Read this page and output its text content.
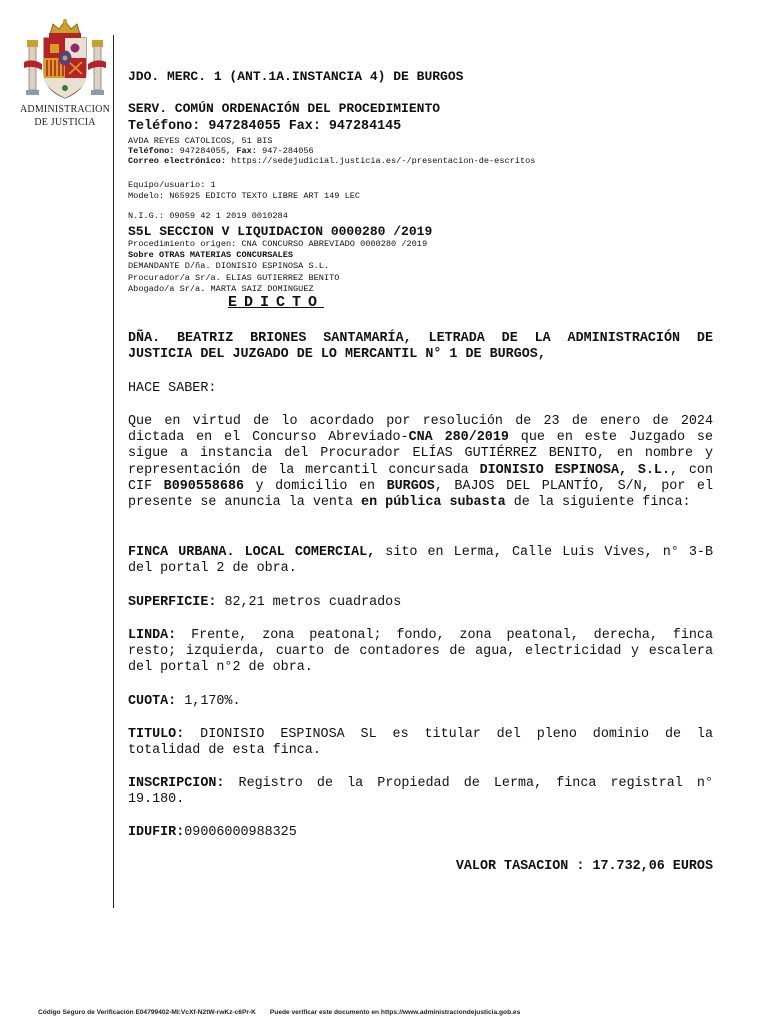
ADMINISTRACION
DE JUSTICIA
JDO. MERC. 1 (ANT.1A.INSTANCIA 4) DE BURGOS
SERV. COMÚN ORDENACIÓN DEL PROCEDIMIENTO
Teléfono: 947284055 Fax: 947284145
AVDA REYES CATOLICOS, 51 BIS
Teléfono: 947284055, Fax: 947-284056
Correo electrónico: https://sedejudicial.justicia.es/-/presentacion-de-escritos
Equipo/usuario: 1
Modelo: N65925 EDICTO TEXTO LIBRE ART 149 LEC
N.I.G.: 09059 42 1 2019 0010284
S5L SECCION V LIQUIDACION 0000280 /2019
Procedimiento origen: CNA CONCURSO ABREVIADO 0000280 /2019
Sobre OTRAS MATERIAS CONCURSALES
DEMANDANTE D/ña. DIONISIO ESPINOSA S.L.
Procurador/a Sr/a. ELIAS GUTIERREZ BENITO
Abogado/a Sr/a. MARTA SAIZ DOMINGUEZ
EDICTO
DÑA. BEATRIZ BRIONES SANTAMARÍA, LETRADA DE LA ADMINISTRACIÓN DE JUSTICIA DEL JUZGADO DE LO MERCANTIL N° 1 DE BURGOS,
HACE SABER:
Que en virtud de lo acordado por resolución de 23 de enero de 2024 dictada en el Concurso Abreviado-CNA 280/2019 que en este Juzgado se sigue a instancia del Procurador ELÍAS GUTIÉRREZ BENITO, en nombre y representación de la mercantil concursada DIONISIO ESPINOSA, S.L., con CIF B090558686 y domicilio en BURGOS, BAJOS DEL PLANTÍO, S/N, por el presente se anuncia la venta en pública subasta de la siguiente finca:
FINCA URBANA. LOCAL COMERCIAL, sito en Lerma, Calle Luis Vives, n° 3-B del portal 2 de obra.
SUPERFICIE: 82,21 metros cuadrados
LINDA: Frente, zona peatonal; fondo, zona peatonal, derecha, finca resto; izquierda, cuarto de contadores de agua, electricidad y escalera del portal n°2 de obra.
CUOTA: 1,170%.
TITULO: DIONISIO ESPINOSA SL es titular del pleno dominio de la totalidad de esta finca.
INSCRIPCION: Registro de la Propiedad de Lerma, finca registral n° 19.180.
IDUFIR:09006000988325
VALOR TASACION : 17.732,06 EUROS
Código Seguro de Verificación E04799402-MI:VcXf-N2tW-rwKz-c6Pr-K Puede verificar este documento en https://www.administraciondejusticia.gob.es
